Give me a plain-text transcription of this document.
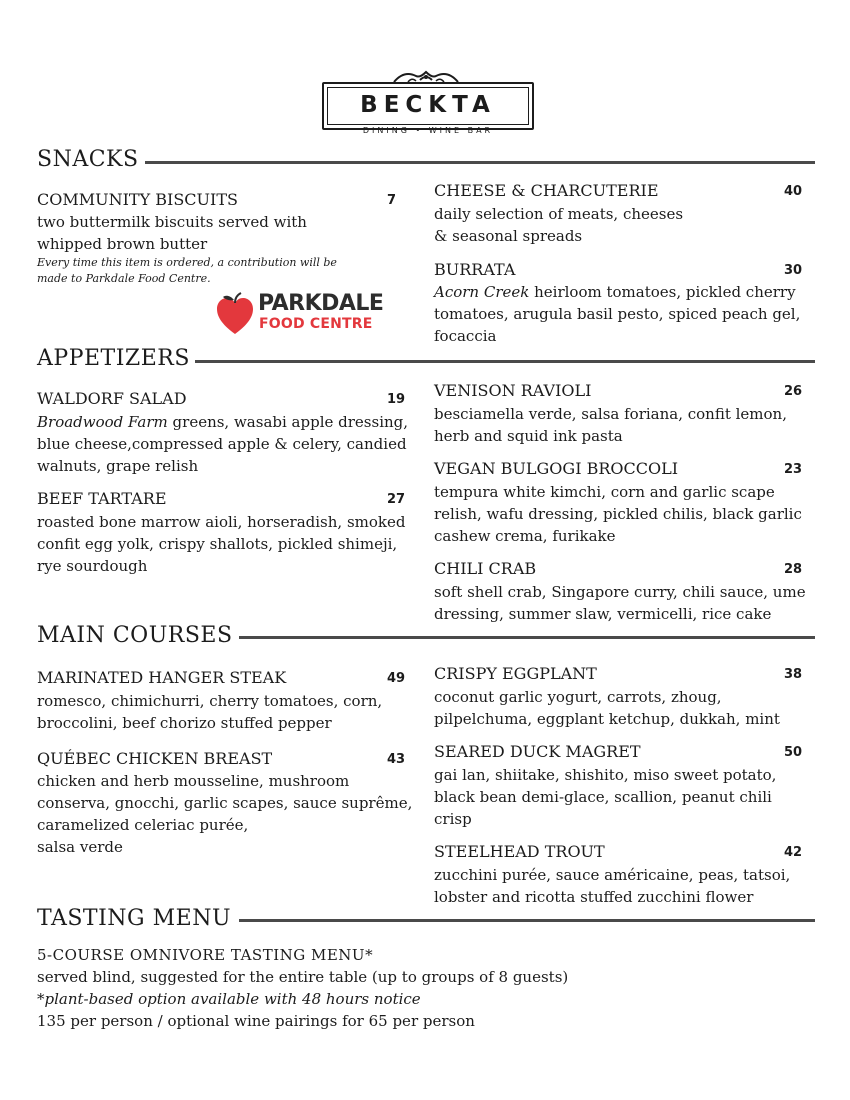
BECKTA
DINING • WINE BAR
SNACKS
COMMUNITY BISCUITS	7
two buttermilk biscuits served with whipped brown butter
Every time this item is ordered, a contribution will be made to Parkdale Food Centre.
PARKDALE
FOOD CENTRE
CHEESE & CHARCUTERIE	40
daily selection of meats, cheeses
& seasonal spreads
BURRATA	30
Acorn Creek heirloom tomatoes, pickled cherry tomatoes, arugula basil pesto, spiced peach gel, focaccia
APPETIZERS
WALDORF SALAD	19
Broadwood Farm greens, wasabi apple dressing, blue cheese,compressed apple & celery, candied walnuts, grape relish
BEEF TARTARE	27
roasted bone marrow aioli, horseradish, smoked confit egg yolk, crispy shallots, pickled shimeji, rye sourdough
VENISON RAVIOLI	26
besciamella verde, salsa foriana, confit lemon, herb and squid ink pasta
VEGAN BULGOGI BROCCOLI	23
tempura white kimchi, corn and garlic scape relish, wafu dressing, pickled chilis, black garlic cashew crema, furikake
CHILI CRAB	28
soft shell crab, Singapore curry, chili sauce, ume dressing, summer slaw, vermicelli, rice cake
MAIN COURSES
MARINATED HANGER STEAK	49
romesco, chimichurri, cherry tomatoes, corn, broccolini, beef chorizo stuffed pepper
QUÉBEC CHICKEN BREAST	43
chicken and herb mousseline, mushroom conserva, gnocchi, garlic scapes, sauce suprême, caramelized celeriac purée,
salsa verde
CRISPY EGGPLANT	38
coconut garlic yogurt, carrots, zhoug, pilpelchuma, eggplant ketchup, dukkah, mint
SEARED DUCK MAGRET	50
gai lan, shiitake, shishito, miso sweet potato, black bean demi-glace, scallion, peanut chili crisp
STEELHEAD TROUT	42
zucchini purée, sauce américaine, peas, tatsoi, lobster and ricotta stuffed zucchini flower
TASTING MENU
5-COURSE OMNIVORE TASTING MENU*
served blind, suggested for the entire table (up to groups of 8 guests)
*plant-based option available with 48 hours notice
135 per person / optional wine pairings for 65 per person
